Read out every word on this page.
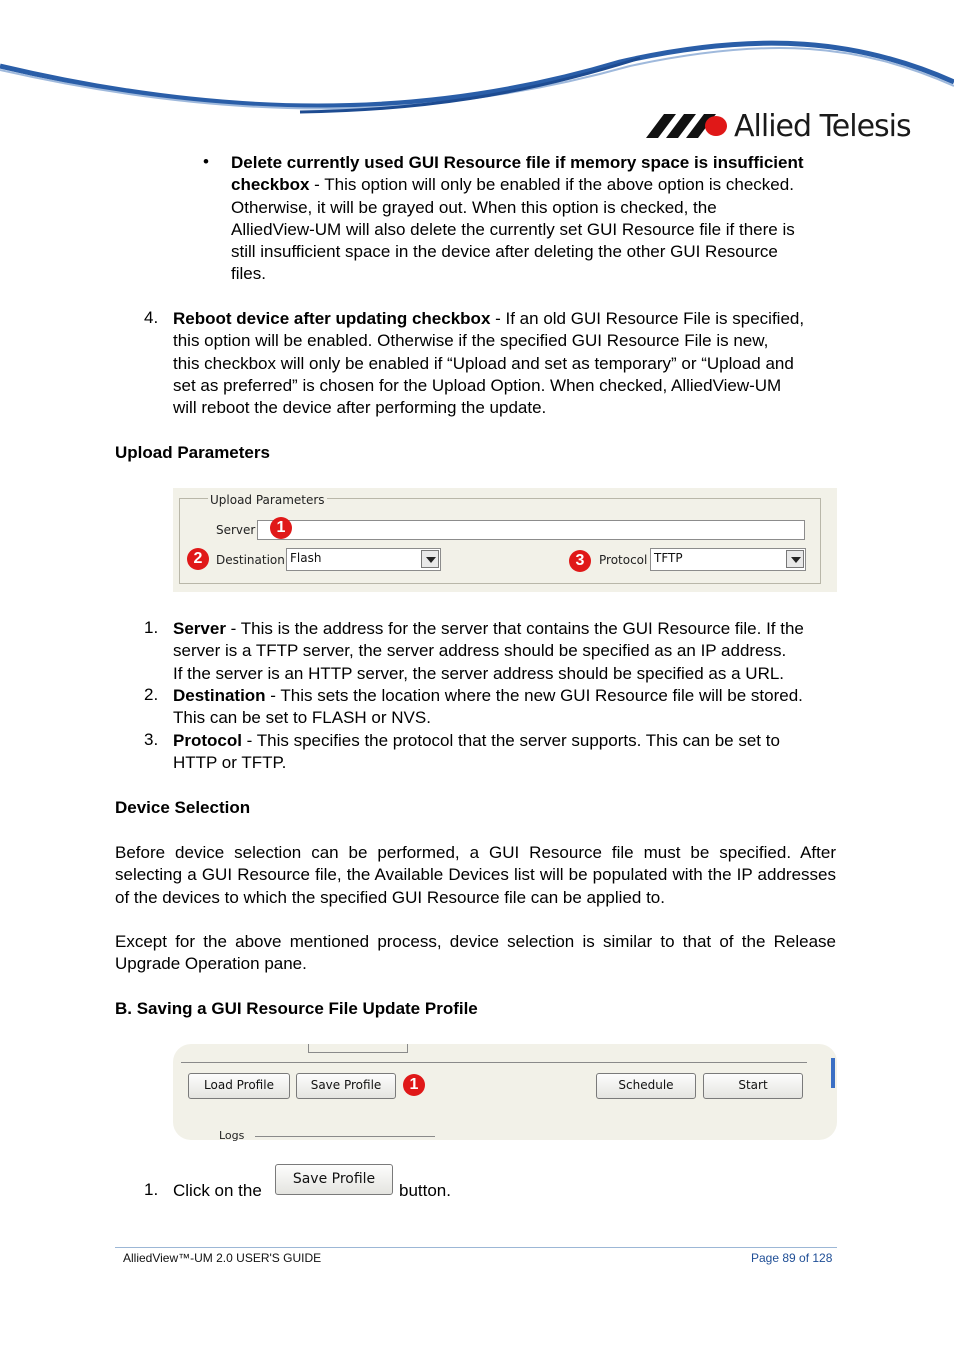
Allied Telesis
• Delete currently used GUI Resource file if memory space is insufficient
checkbox - This option will only be enabled if the above option is checked.
Otherwise, it will be grayed out. When this option is checked, the
AlliedView-UM will also delete the currently set GUI Resource file if there is
still insufficient space in the device after deleting the other GUI Resource
files.
4. Reboot device after updating checkbox - If an old GUI Resource File is specified,
this option will be enabled. Otherwise if the specified GUI Resource File is new,
this checkbox will only be enabled if “Upload and set as temporary” or “Upload and
set as preferred” is chosen for the Upload Option. When checked, AlliedView-UM
will reboot the device after performing the update.
Upload Parameters
Upload Parameters
Server	1
2	Destination Flash	3	Protocol TFTP
1. Server - This is the address for the server that contains the GUI Resource file. If the
server is a TFTP server, the server address should be specified as an IP address.
If the server is an HTTP server, the server address should be specified as a URL.
2. Destination - This sets the location where the new GUI Resource file will be stored.
This can be set to FLASH or NVS.
3. Protocol - This specifies the protocol that the server supports. This can be set to
HTTP or TFTP.
Device Selection
Before device selection can be performed, a GUI Resource file must be specified. After selecting a GUI Resource file, the Available Devices list will be populated with the IP addresses of the devices to which the specified GUI Resource file can be applied to.
Except for the above mentioned process, device selection is similar to that of the Release Upgrade Operation pane.
B. Saving a GUI Resource File Update Profile
Load Profile	Save Profile	1	Schedule	Start
Logs
1. Click on the
Save Profile
button.
AlliedView™-UM 2.0 USER'S GUIDE	Page 89 of 128
